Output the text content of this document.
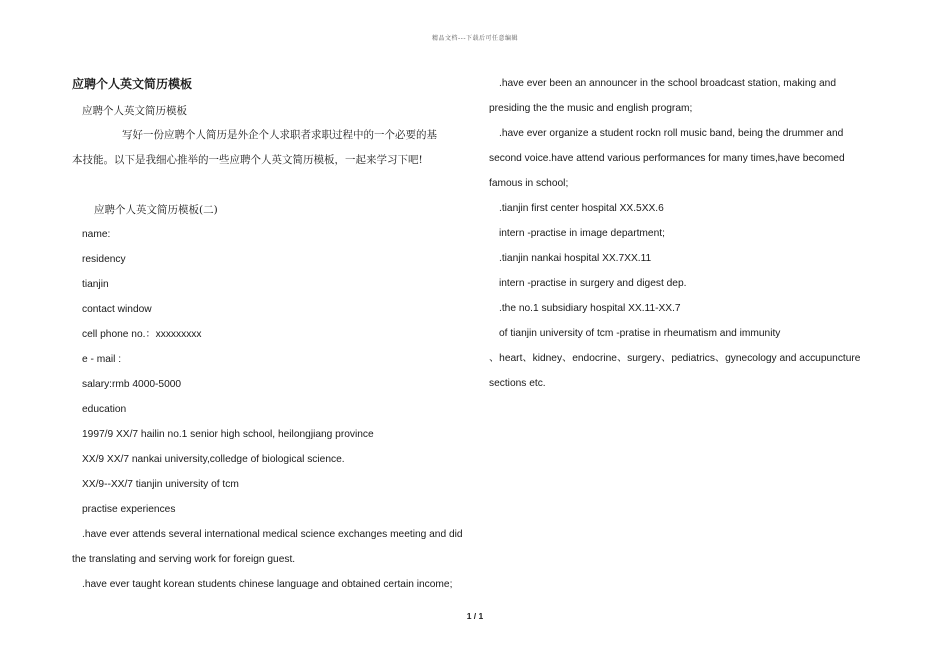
精品文档---下载后可任意编辑
应聘个人英文简历模板
应聘个人英文简历模板
写好一份应聘个人简历是外企个人求职者求职过程中的一个必要的基
本技能。以下是我细心推举的一些应聘个人英文简历模板，一起来学习下吧!
应聘个人英文简历模板(二)
name:
residency
tianjin
contact window
cell phone no.：xxxxxxxxx
e - mail :
salary:rmb 4000-5000
education
1997/9 XX/7 hailin no.1 senior high school, heilongjiang province
XX/9 XX/7 nankai university,colledge of biological science.
XX/9--XX/7 tianjin university of tcm
practise experiences
.have ever attends several international medical science exchanges meeting and did
the translating and serving work for foreign guest.
.have ever taught korean students chinese language and obtained certain income;
.have ever been an announcer in the school broadcast station, making and
presiding the the music and english program;
.have ever organize a student rockn roll music band, being the drummer and
second voice.have attend various performances for many times,have becomed
famous in school;
.tianjin first center hospital XX.5XX.6
intern -practise in image department;
.tianjin nankai hospital XX.7XX.11
intern -practise in surgery and digest dep.
.the no.1 subsidiary hospital XX.11-XX.7
of tianjin university of tcm -pratise in rheumatism and immunity
、heart、kidney、endocrine、surgery、pediatrics、gynecology and accupuncture
sections etc.
1 / 1
